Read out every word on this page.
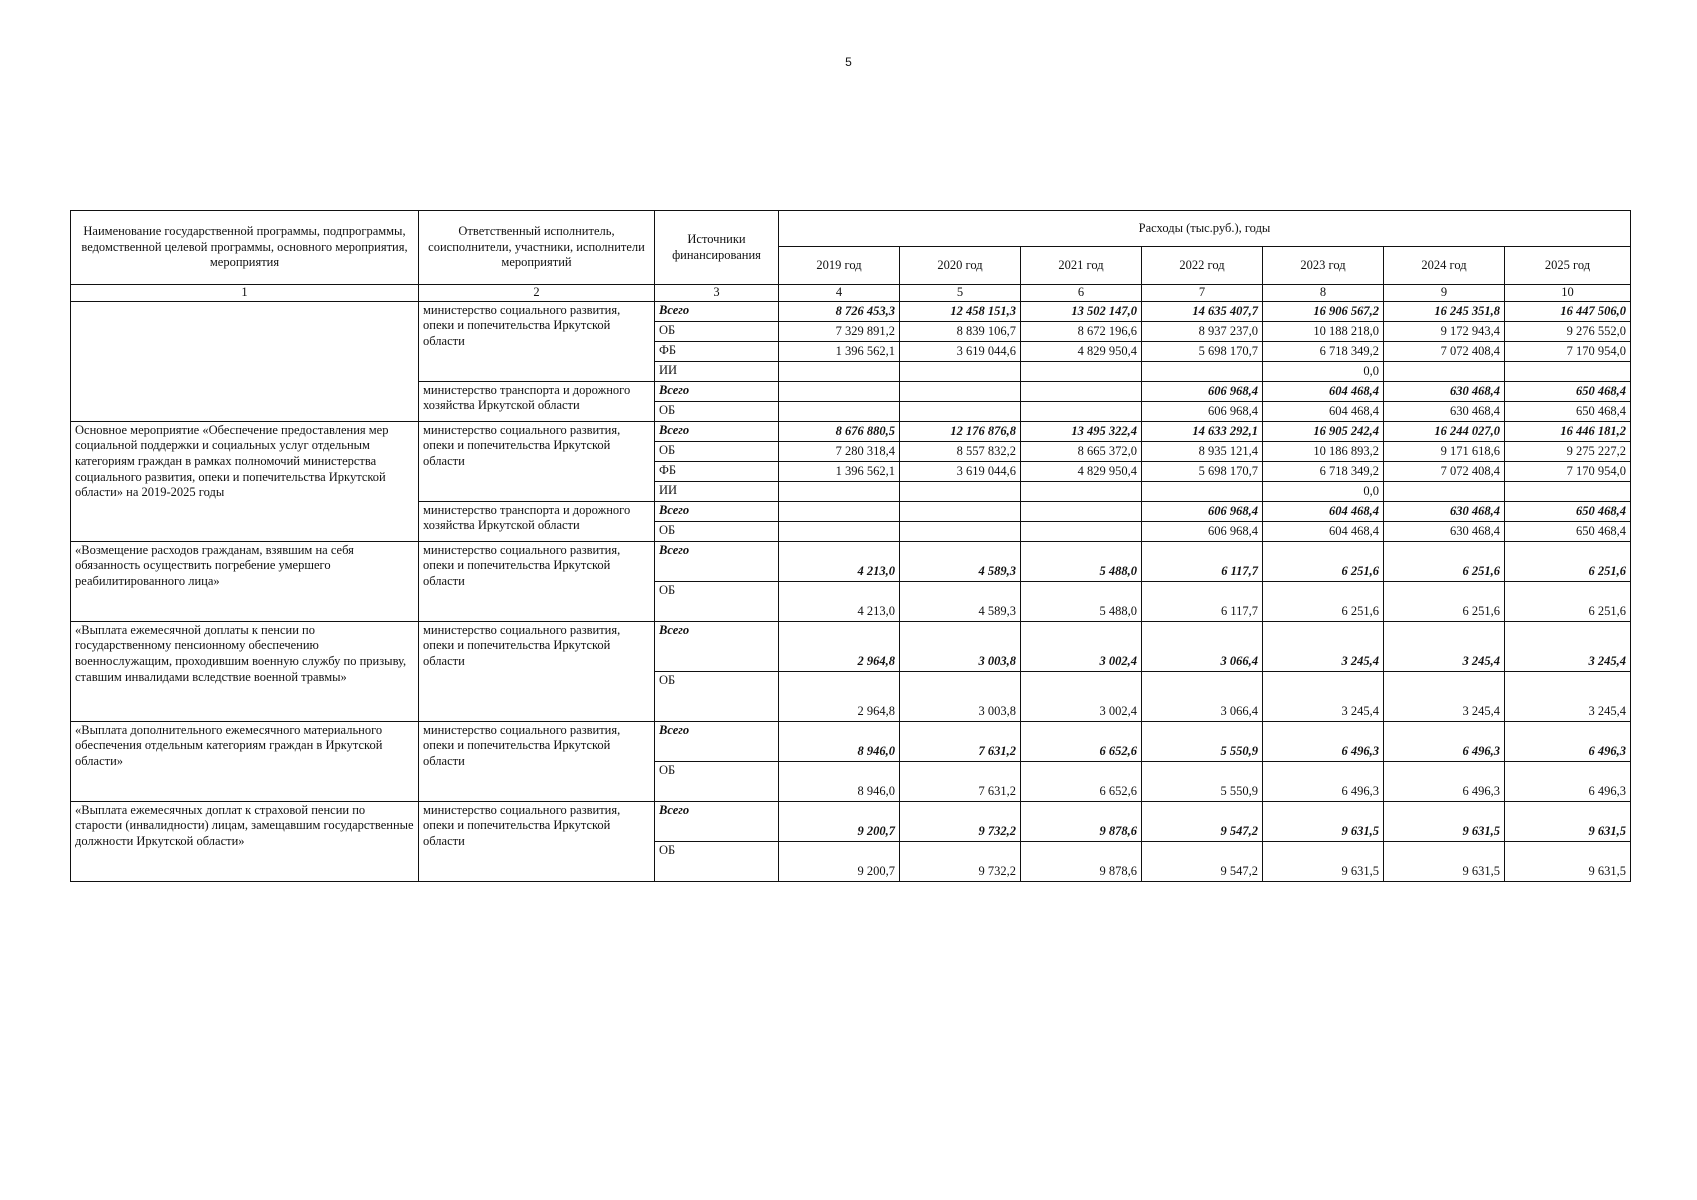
5
Наименование государственной программы, подпрограммы, ведомственной целевой программы, основного мероприятия, мероприятия	Ответственный исполнитель, соисполнители, участники, исполнители мероприятий	Источники финансирования	Расходы (тыс.руб.), годы						
			2019 год	2020 год	2021 год	2022 год	2023 год	2024 год	2025 год
1	2	3	4	5	6	7	8	9	10
	министерство социального развития, опеки и попечительства Иркутской области	Всего	8 726 453,3	12 458 151,3	13 502 147,0	14 635 407,7	16 906 567,2	16 245 351,8	16 447 506,0
		ОБ	7 329 891,2	8 839 106,7	8 672 196,6	8 937 237,0	10 188 218,0	9 172 943,4	9 276 552,0
		ФБ	1 396 562,1	3 619 044,6	4 829 950,4	5 698 170,7	6 718 349,2	7 072 408,4	7 170 954,0
		ИИ					0,0		
	министерство транспорта и дорожного хозяйства Иркутской области	Всего				606 968,4	604 468,4	630 468,4	650 468,4
		ОБ				606 968,4	604 468,4	630 468,4	650 468,4
Основное мероприятие «Обеспечение предоставления мер социальной поддержки и социальных услуг отдельным категориям граждан в рамках полномочий министерства социального развития, опеки и попечительства Иркутской области» на 2019-2025 годы	министерство социального развития, опеки и попечительства Иркутской области	Всего	8 676 880,5	12 176 876,8	13 495 322,4	14 633 292,1	16 905 242,4	16 244 027,0	16 446 181,2
		ОБ	7 280 318,4	8 557 832,2	8 665 372,0	8 935 121,4	10 186 893,2	9 171 618,6	9 275 227,2
		ФБ	1 396 562,1	3 619 044,6	4 829 950,4	5 698 170,7	6 718 349,2	7 072 408,4	7 170 954,0
		ИИ					0,0		
	министерство транспорта и дорожного хозяйства Иркутской области	Всего				606 968,4	604 468,4	630 468,4	650 468,4
		ОБ				606 968,4	604 468,4	630 468,4	650 468,4
«Возмещение расходов гражданам, взявшим на себя обязанность осуществить погребение умершего реабилитированного лица»	министерство социального развития, опеки и попечительства Иркутской области	Всего	4 213,0	4 589,3	5 488,0	6 117,7	6 251,6	6 251,6	6 251,6
		ОБ	4 213,0	4 589,3	5 488,0	6 117,7	6 251,6	6 251,6	6 251,6
«Выплата ежемесячной доплаты к пенсии по государственному пенсионному обеспечению военнослужащим, проходившим военную службу по призыву, ставшим инвалидами вследствие военной травмы»	министерство социального развития, опеки и попечительства Иркутской области	Всего	2 964,8	3 003,8	3 002,4	3 066,4	3 245,4	3 245,4	3 245,4
		ОБ	2 964,8	3 003,8	3 002,4	3 066,4	3 245,4	3 245,4	3 245,4
«Выплата дополнительного ежемесячного материального обеспечения отдельным категориям граждан в Иркутской области»	министерство социального развития, опеки и попечительства Иркутской области	Всего	8 946,0	7 631,2	6 652,6	5 550,9	6 496,3	6 496,3	6 496,3
		ОБ	8 946,0	7 631,2	6 652,6	5 550,9	6 496,3	6 496,3	6 496,3
«Выплата ежемесячных доплат к страховой пенсии по старости (инвалидности) лицам, замещавшим государственные должности Иркутской области»	министерство социального развития, опеки и попечительства Иркутской области	Всего	9 200,7	9 732,2	9 878,6	9 547,2	9 631,5	9 631,5	9 631,5
		ОБ	9 200,7	9 732,2	9 878,6	9 547,2	9 631,5	9 631,5	9 631,5
